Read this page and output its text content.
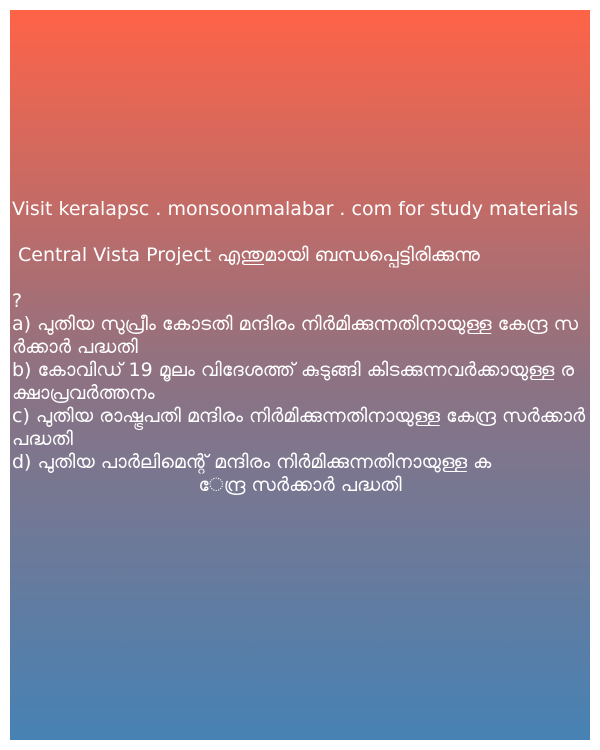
Visit keralapsc . monsoonmalabar . com for study materials

Central Vista Project എന്തുമായി ബന്ധപ്പെട്ടിരിക്കുന്നു

?

a) പുതിയ സുപ്രീം കോടതി മന്ദിരം നിർമിക്കുന്നതിനായുള്ള കേന്ദ്ര സർക്കാർ പദ്ധതി

b) കോവിഡ് 19 മൂലം വിദേശത്ത് കുടുങ്ങി കിടക്കുന്നവർക്കായുള്ള രക്ഷാപ്രവർത്തനം

c) പുതിയ രാഷ്ട്രപതി മന്ദിരം നിർമിക്കുന്നതിനായുള്ള കേന്ദ്ര സർക്കാർ പദ്ധതി

d) പുതിയ പാർലിമെന്റ് മന്ദിരം നിർമിക്കുന്നതിനായുള്ള ക

േന്ദ്ര സർക്കാർ പദ്ധതി
